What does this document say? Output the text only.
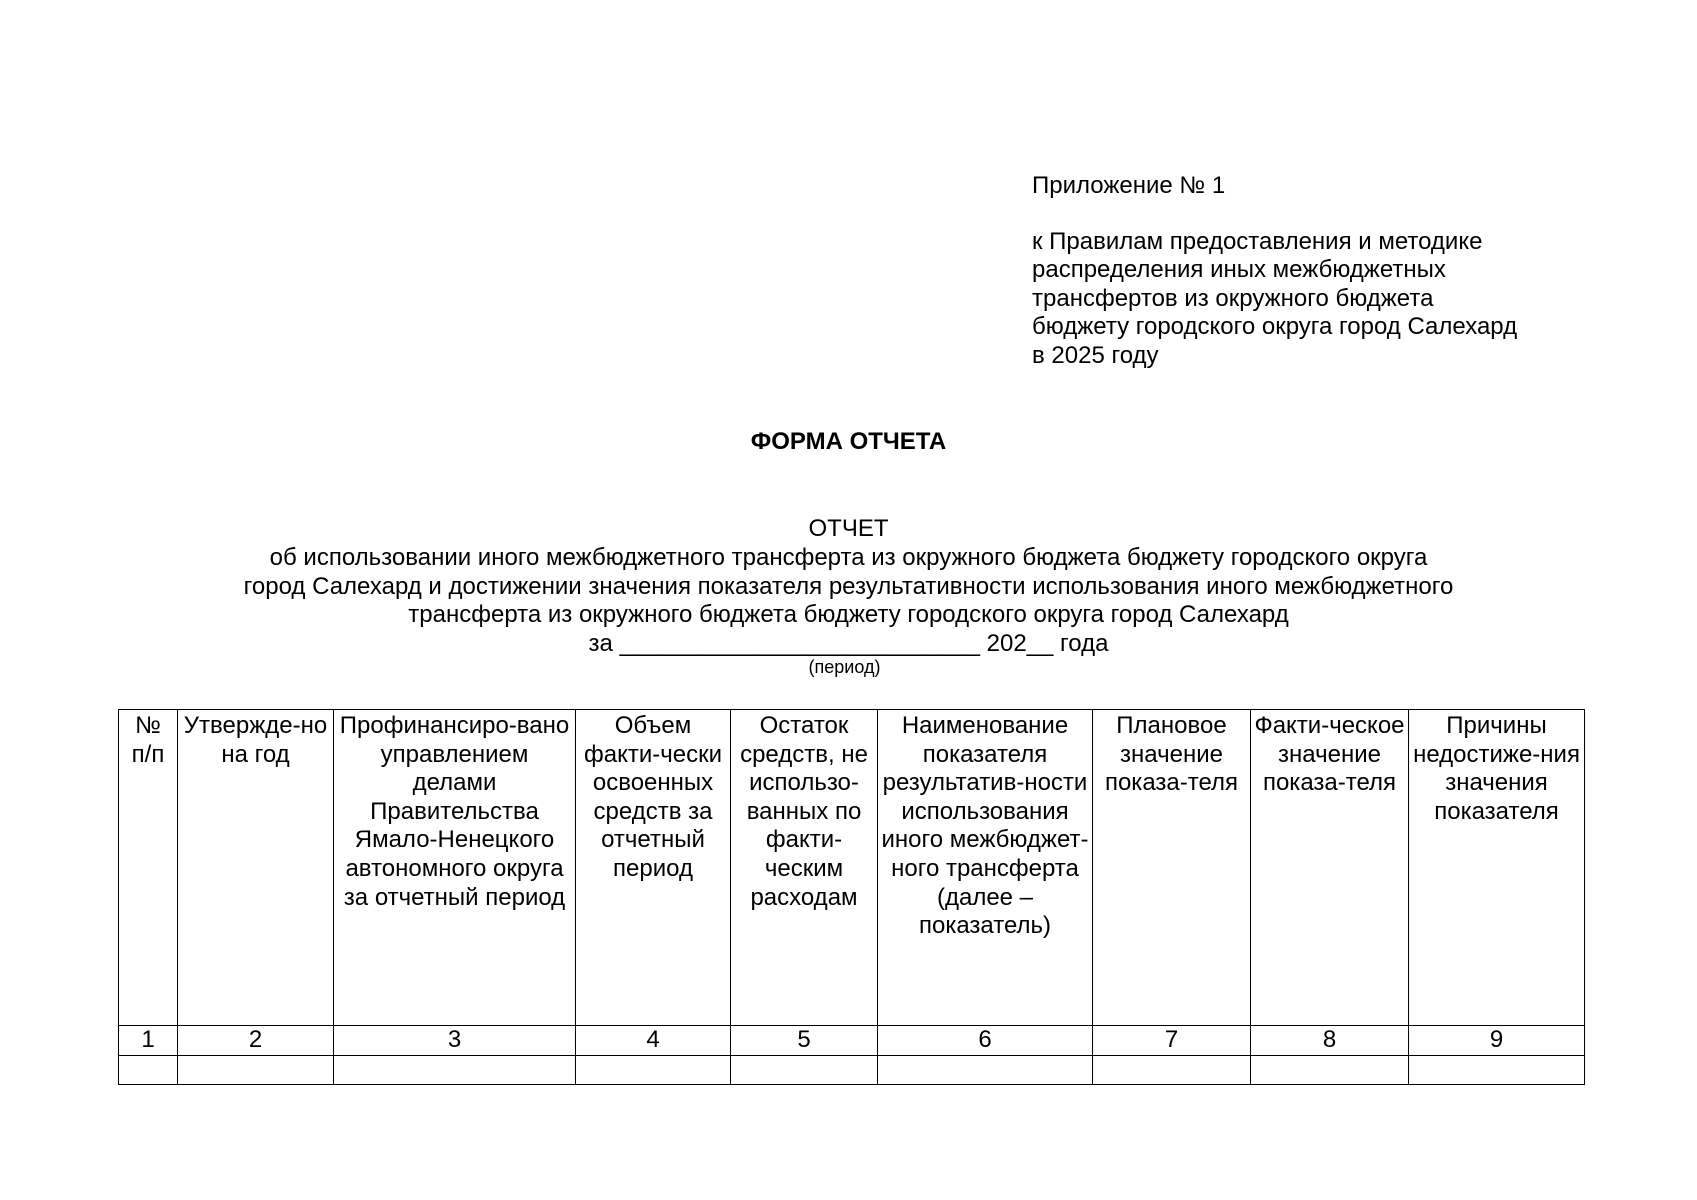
Приложение № 1
к Правилам предоставления и методике
распределения иных межбюджетных
трансфертов из окружного бюджета
бюджету городского округа город Салехард
в 2025 году
ФОРМА ОТЧЕТА
ОТЧЕТ
об использовании иного межбюджетного трансферта из окружного бюджета бюджету городского округа
город Салехард и достижении значения показателя результативности использования иного межбюджетного
трансферта из окружного бюджета бюджету городского округа город Салехард
за ___________________________ 202__ года
(период)
№ п/п	Утвержде-но на год	Профинансиро-вано управлением делами Правительства Ямало-Ненецкого автономного округа за отчетный период	Объем факти-чески освоенных средств за отчетный период	Остаток средств, не использо-ванных по факти-ческим расходам	Наименование показателя результатив-ности использования иного межбюджет-ного трансферта (далее – показатель)	Плановое значение показа-теля	Факти-ческое значение показа-теля	Причины недостиже-ния значения показателя
1	2	3	4	5	6	7	8	9
